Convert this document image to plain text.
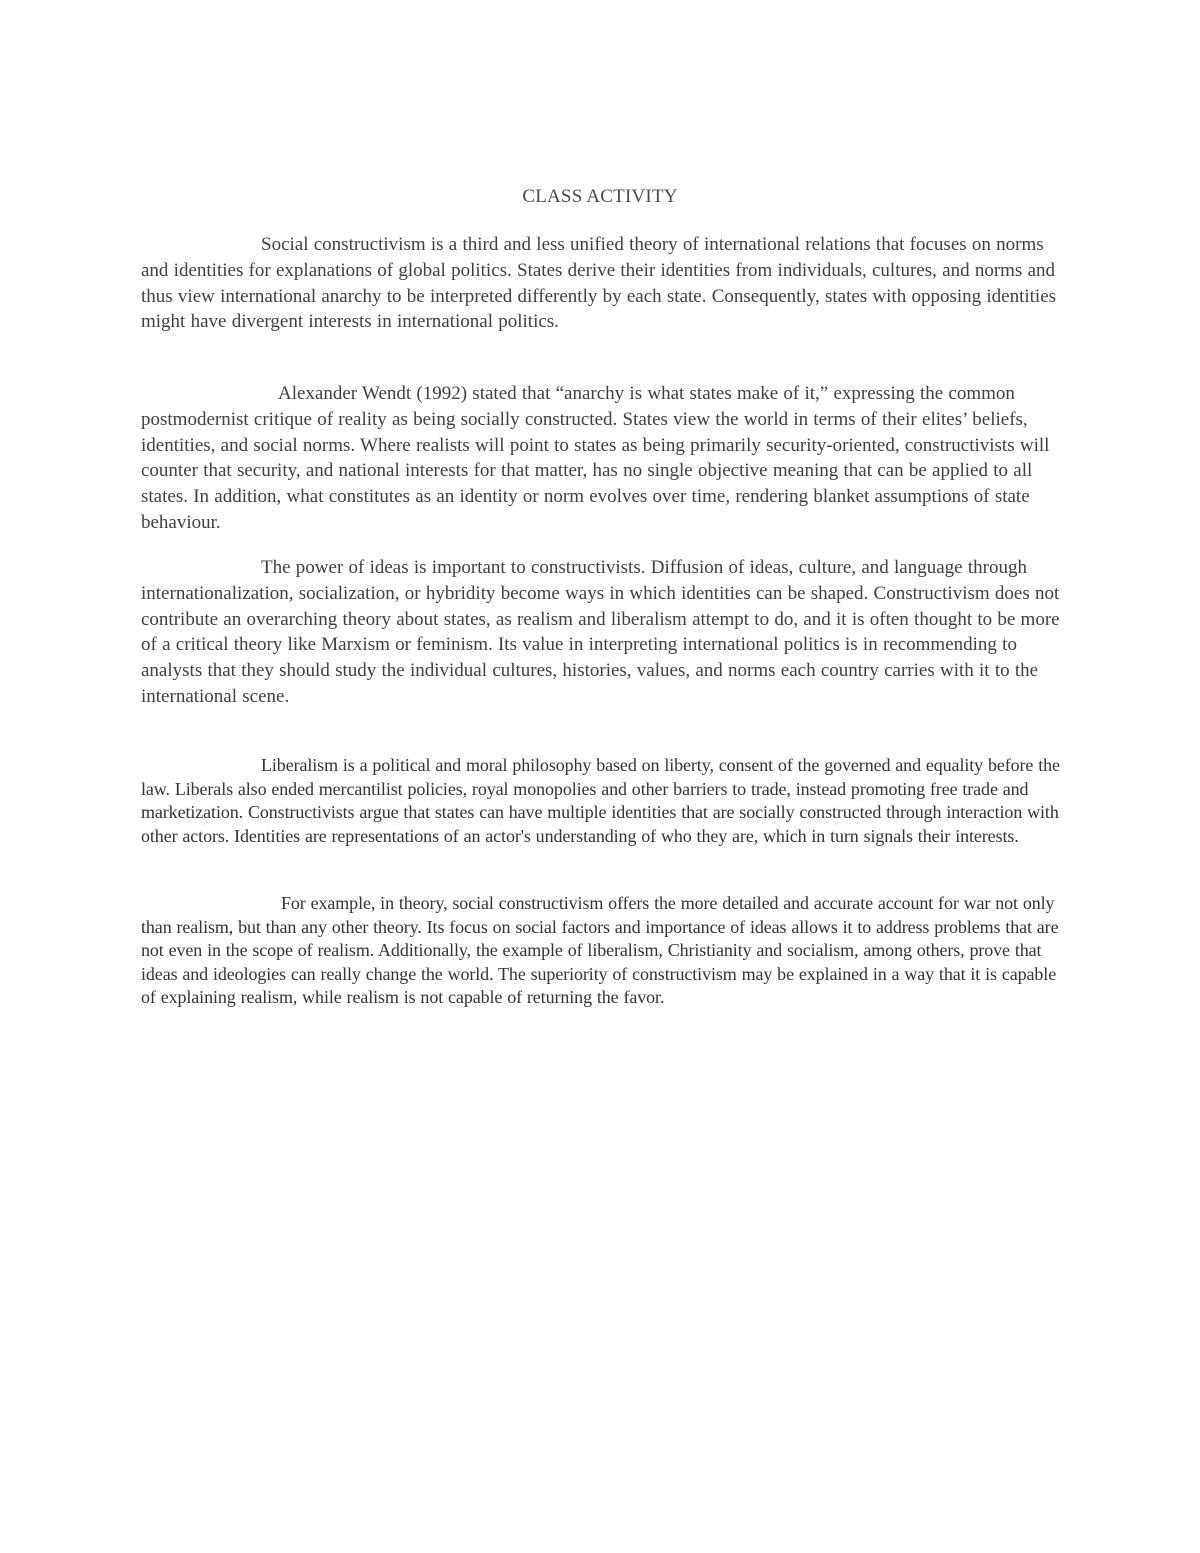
CLASS ACTIVITY

Social constructivism is a third and less unified theory of international relations that focuses on norms and identities for explanations of global politics. States derive their identities from individuals, cultures, and norms and thus view international anarchy to be interpreted differently by each state. Consequently, states with opposing identities might have divergent interests in international politics.

Alexander Wendt (1992) stated that “anarchy is what states make of it,” expressing the common postmodernist critique of reality as being socially constructed. States view the world in terms of their elites’ beliefs, identities, and social norms. Where realists will point to states as being primarily security-oriented, constructivists will counter that security, and national interests for that matter, has no single objective meaning that can be applied to all states. In addition, what constitutes as an identity or norm evolves over time, rendering blanket assumptions of state behaviour.

The power of ideas is important to constructivists. Diffusion of ideas, culture, and language through internationalization, socialization, or hybridity become ways in which identities can be shaped. Constructivism does not contribute an overarching theory about states, as realism and liberalism attempt to do, and it is often thought to be more of a critical theory like Marxism or feminism. Its value in interpreting international politics is in recommending to analysts that they should study the individual cultures, histories, values, and norms each country carries with it to the international scene.

Liberalism is a political and moral philosophy based on liberty, consent of the governed and equality before the law. Liberals also ended mercantilist policies, royal monopolies and other barriers to trade, instead promoting free trade and marketization. Constructivists argue that states can have multiple identities that are socially constructed through interaction with other actors. Identities are representations of an actor's understanding of who they are, which in turn signals their interests.

For example, in theory, social constructivism offers the more detailed and accurate account for war not only than realism, but than any other theory. Its focus on social factors and importance of ideas allows it to address problems that are not even in the scope of realism. Additionally, the example of liberalism, Christianity and socialism, among others, prove that ideas and ideologies can really change the world. The superiority of constructivism may be explained in a way that it is capable of explaining realism, while realism is not capable of returning the favor.
